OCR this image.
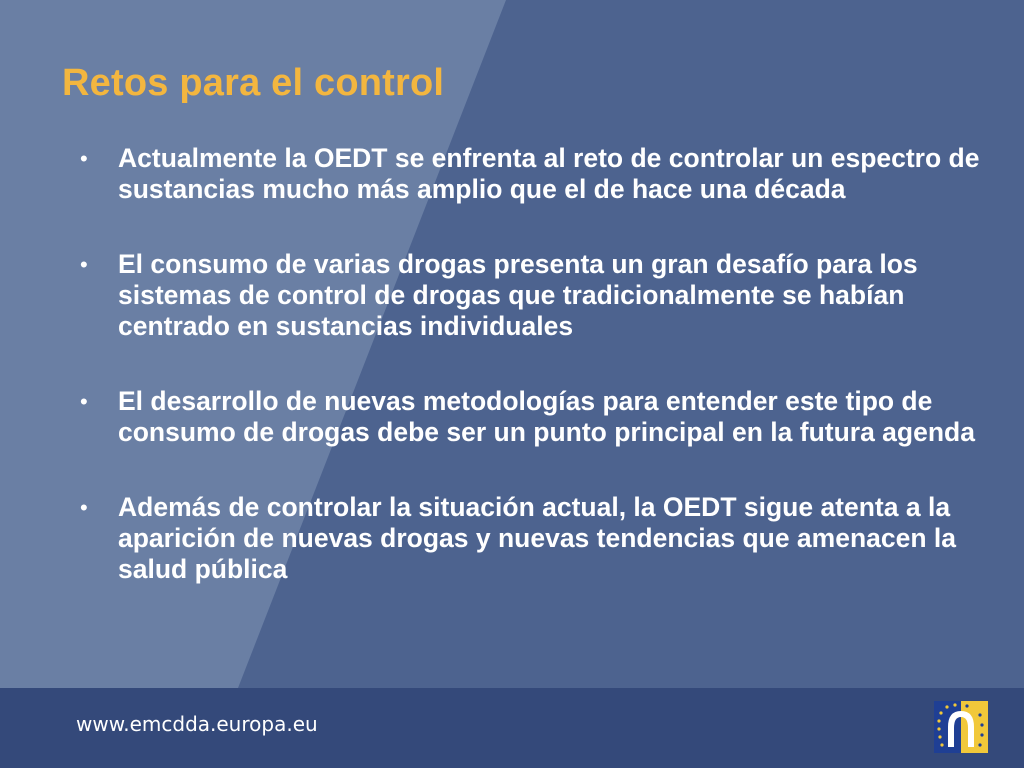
Retos para el control
• Actualmente la OEDT se enfrenta al reto de controlar un espectro de sustancias mucho más amplio que el de hace una década
• El consumo de varias drogas presenta un gran desafío para los sistemas de control de drogas que tradicionalmente se habían centrado en sustancias individuales
• El desarrollo de nuevas metodologías para entender este tipo de consumo de drogas debe ser un punto principal en la futura agenda
• Además de controlar la situación actual, la OEDT sigue atenta a la aparición de nuevas drogas y nuevas tendencias que amenacen la salud pública
www.emcdda.europa.eu
